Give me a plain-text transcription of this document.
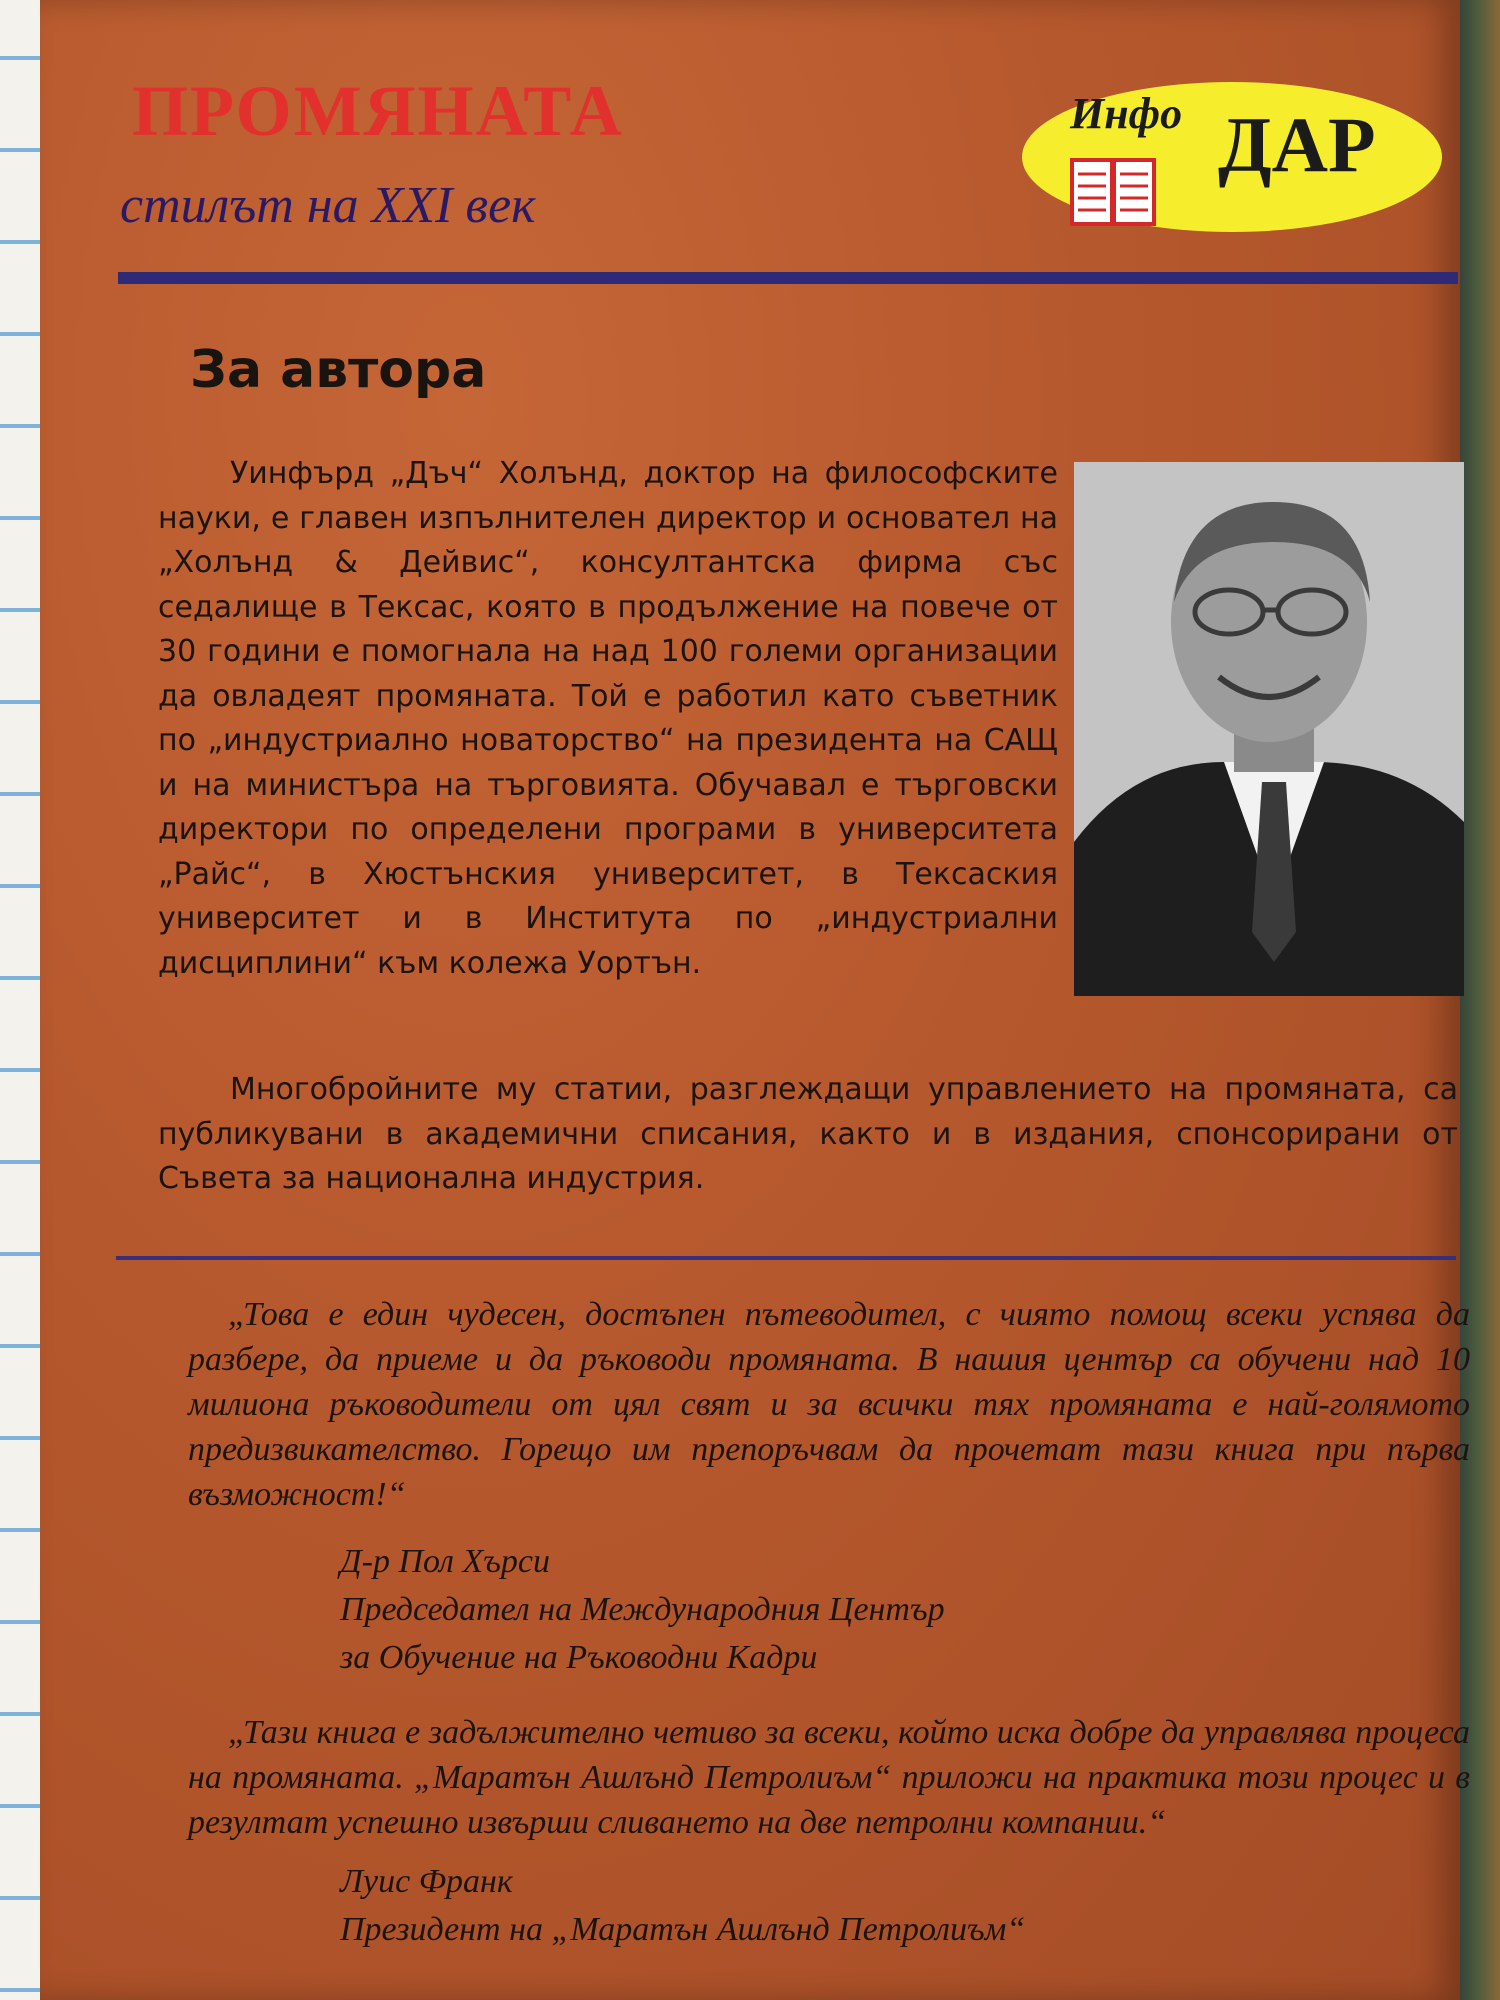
ПРОМЯНАТА
стилът на XXI век
Инфо ДАР
За автора

Уинфърд „Дъч“ Холънд, доктор на философските науки, е главен изпълнителен директор и основател на „Холънд & Дейвис“, консултантска фирма със седалище в Тексас, която в продължение на повече от 30 години е помогнала на над 100 големи организации да овладеят промяната. Той е работил като съветник по „индустриално новаторство“ на президента на САЩ и на министъра на търговията. Обучавал е търговски директори по определени програми в университета „Райс“, в Хюстънския университет, в Тексаския университет и в Института по „индустриални дисциплини“ към колежа Уортън.

Многобройните му статии, разглеждащи управлението на промяната, са публикувани в академични списания, както и в издания, спонсорирани от Съвета за национална индустрия.

„Това е един чудесен, достъпен пътеводител, с чиято помощ всеки успява да разбере, да приеме и да ръководи промяната. В нашия център са обучени над 10 милиона ръководители от цял свят и за всички тях промяната е най-голямото предизвикателство. Горещо им препоръчвам да прочетат тази книга при първа възможност!“

Д-р Пол Хърси
Председател на Международния Център
за Обучение на Ръководни Кадри

„Тази книга е задължително четиво за всеки, който иска добре да управлява процеса на промяната. „Маратън Ашлънд Петролиъм“ приложи на практика този процес и в резултат успешно извърши сливането на две петролни компании.“

Луис Франк
Президент на „Маратън Ашлънд Петролиъм“
